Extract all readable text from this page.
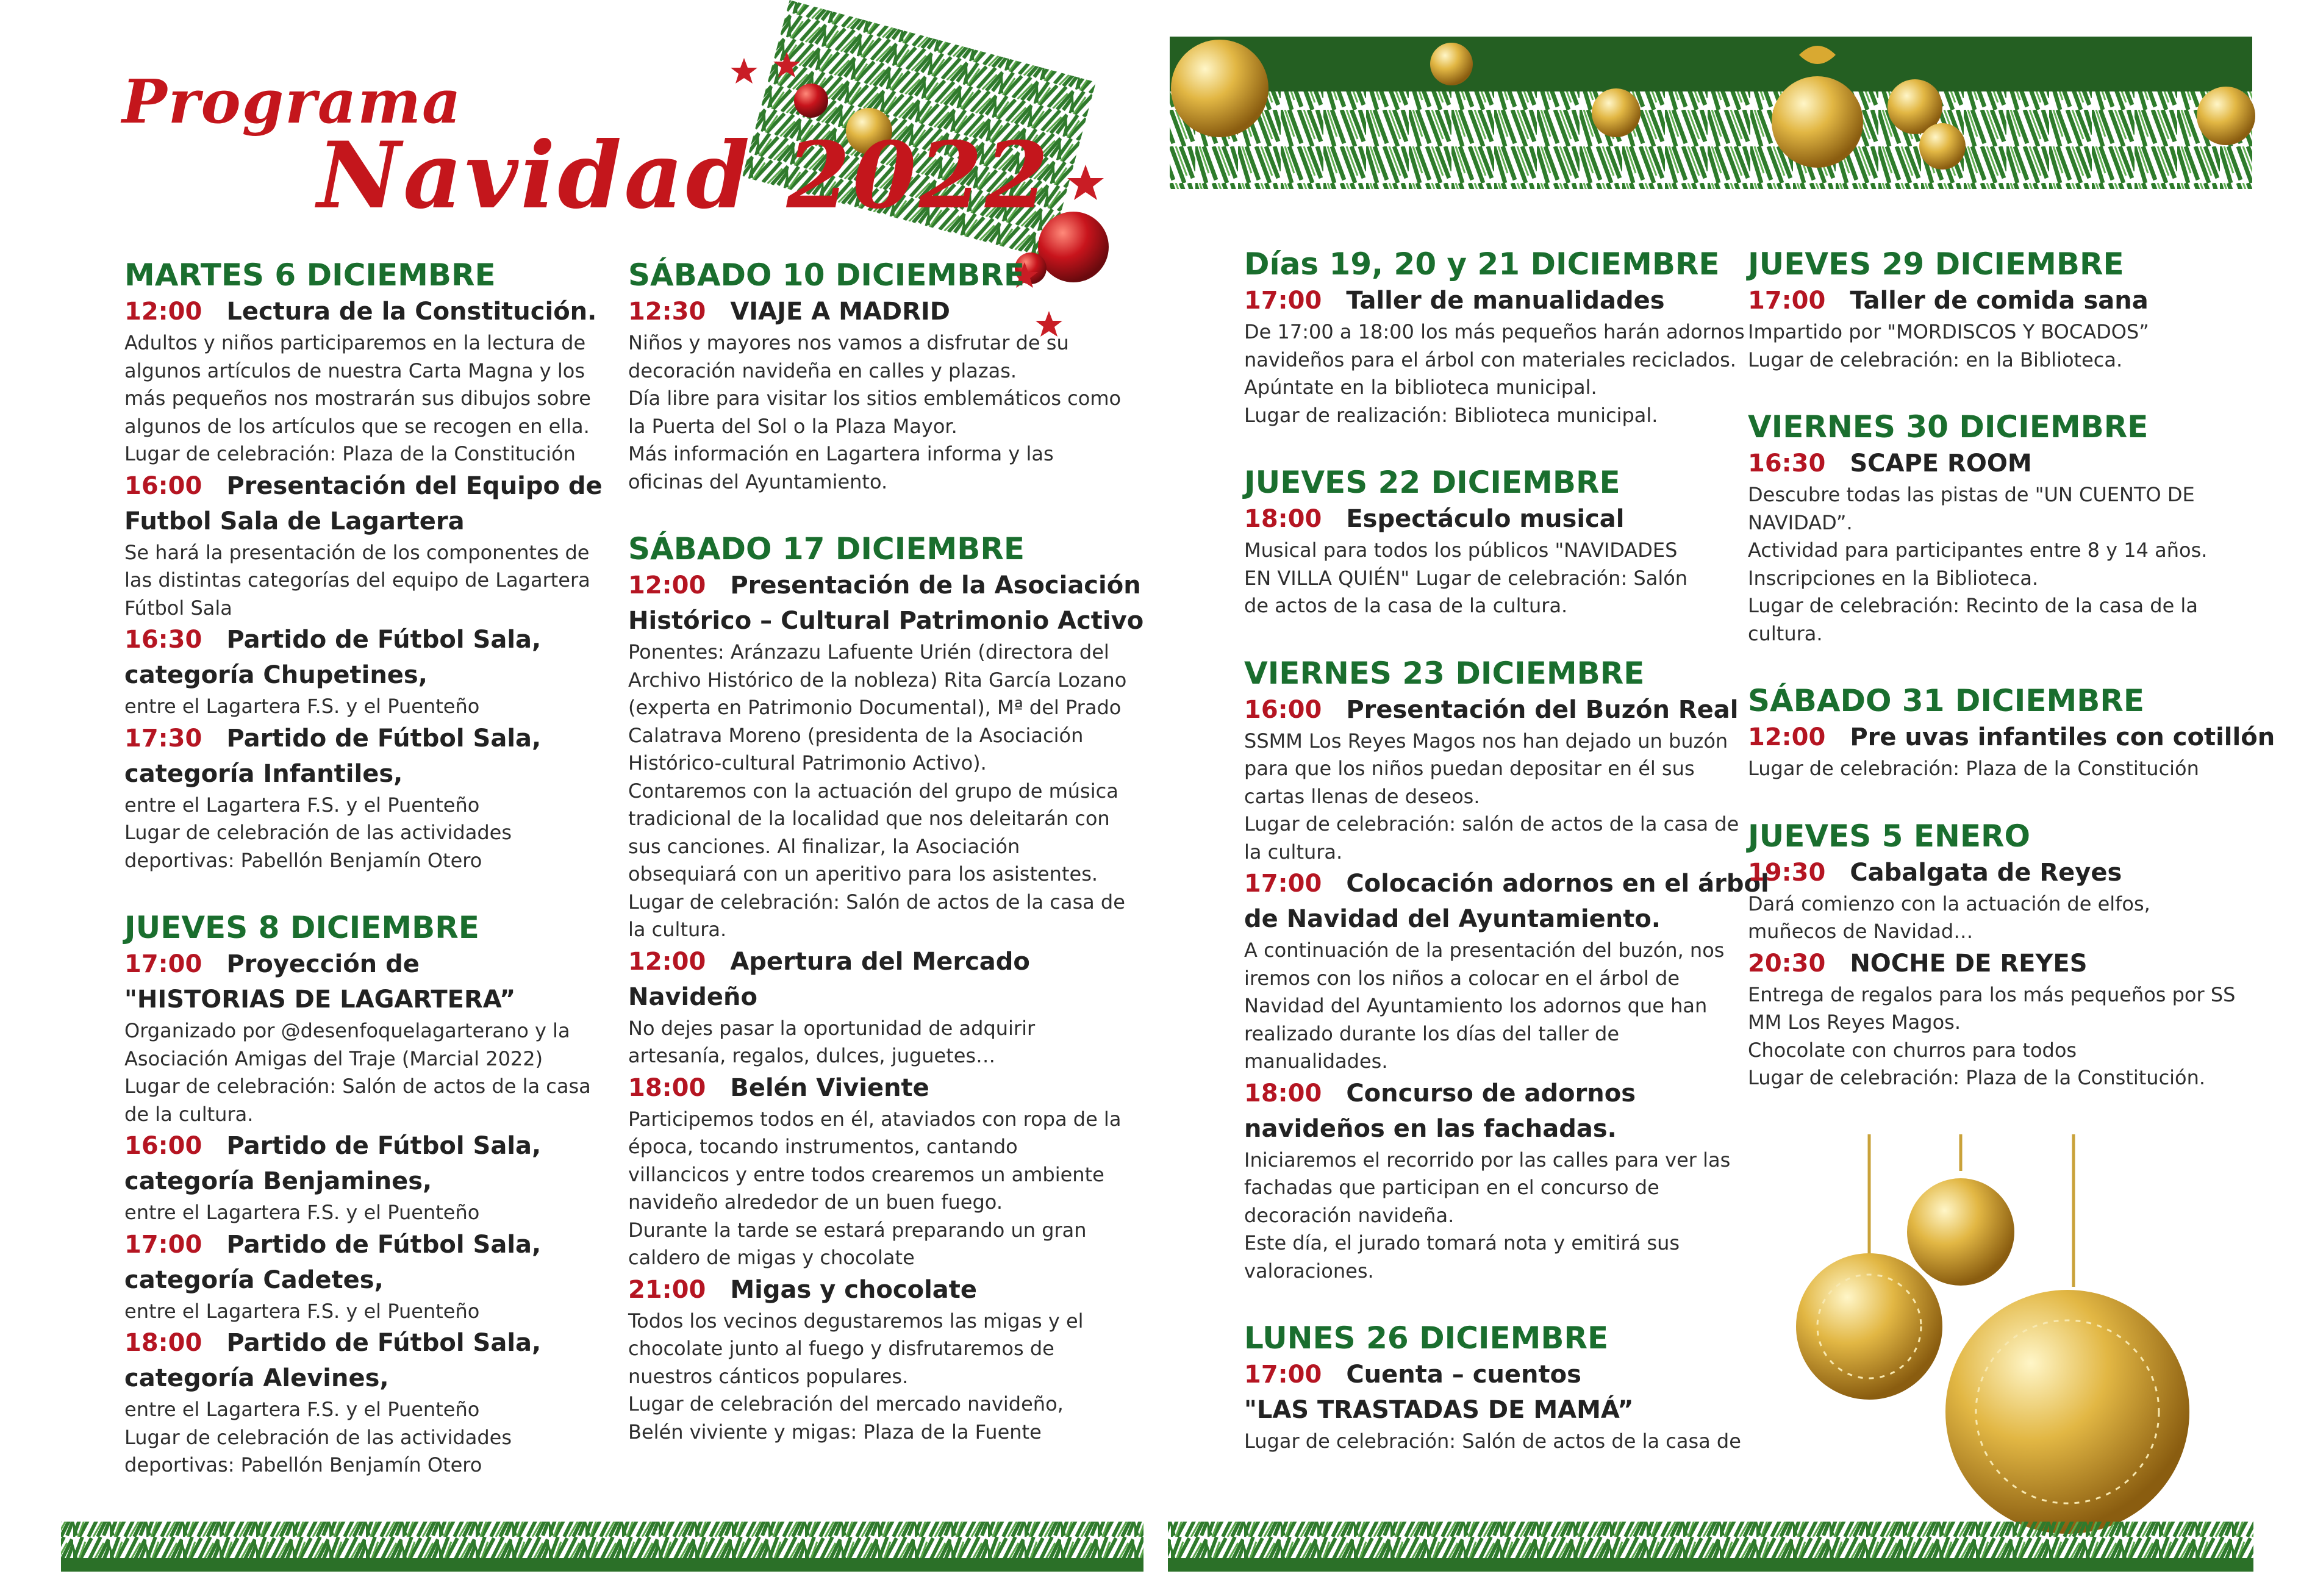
Programa
Navidad 2022
MARTES 6 DICIEMBRE
12:00 Lectura de la Constitución.
Adultos y niños participaremos en la lectura de
algunos artículos de nuestra Carta Magna y los
más pequeños nos mostrarán sus dibujos sobre
algunos de los artículos que se recogen en ella.
Lugar de celebración: Plaza de la Constitución
16:00 Presentación del Equipo de
Futbol Sala de Lagartera
Se hará la presentación de los componentes de
las distintas categorías del equipo de Lagartera
Fútbol Sala
16:30 Partido de Fútbol Sala,
categoría Chupetines,
entre el Lagartera F.S. y el Puenteño
17:30 Partido de Fútbol Sala,
categoría Infantiles,
entre el Lagartera F.S. y el Puenteño
Lugar de celebración de las actividades
deportivas: Pabellón Benjamín Otero
JUEVES 8 DICIEMBRE
17:00 Proyección de
"HISTORIAS DE LAGARTERA”
Organizado por @desenfoquelagarterano y la
Asociación Amigas del Traje (Marcial 2022)
Lugar de celebración: Salón de actos de la casa
de la cultura.
16:00 Partido de Fútbol Sala,
categoría Benjamines,
entre el Lagartera F.S. y el Puenteño
17:00 Partido de Fútbol Sala,
categoría Cadetes,
entre el Lagartera F.S. y el Puenteño
18:00 Partido de Fútbol Sala,
categoría Alevines,
entre el Lagartera F.S. y el Puenteño
Lugar de celebración de las actividades
deportivas: Pabellón Benjamín Otero
SÁBADO 10 DICIEMBRE
12:30 VIAJE A MADRID
Niños y mayores nos vamos a disfrutar de su
decoración navideña en calles y plazas.
Día libre para visitar los sitios emblemáticos como
la Puerta del Sol o la Plaza Mayor.
Más información en Lagartera informa y las
oficinas del Ayuntamiento.
SÁBADO 17 DICIEMBRE
12:00 Presentación de la Asociación
Histórico – Cultural Patrimonio Activo
Ponentes: Aránzazu Lafuente Urién (directora del
Archivo Histórico de la nobleza) Rita García Lozano
(experta en Patrimonio Documental), Mª del Prado
Calatrava Moreno (presidenta de la Asociación
Histórico-cultural Patrimonio Activo).
Contaremos con la actuación del grupo de música
tradicional de la localidad que nos deleitarán con
sus canciones. Al finalizar, la Asociación
obsequiará con un aperitivo para los asistentes.
Lugar de celebración: Salón de actos de la casa de
la cultura.
12:00 Apertura del Mercado
Navideño
No dejes pasar la oportunidad de adquirir
artesanía, regalos, dulces, juguetes…
18:00 Belén Viviente
Participemos todos en él, ataviados con ropa de la
época, tocando instrumentos, cantando
villancicos y entre todos crearemos un ambiente
navideño alrededor de un buen fuego.
Durante la tarde se estará preparando un gran
caldero de migas y chocolate
21:00 Migas y chocolate
Todos los vecinos degustaremos las migas y el
chocolate junto al fuego y disfrutaremos de
nuestros cánticos populares.
Lugar de celebración del mercado navideño,
Belén viviente y migas: Plaza de la Fuente
Días 19, 20 y 21 DICIEMBRE
17:00 Taller de manualidades
De 17:00 a 18:00 los más pequeños harán adornos
navideños para el árbol con materiales reciclados.
Apúntate en la biblioteca municipal.
Lugar de realización: Biblioteca municipal.
JUEVES 22 DICIEMBRE
18:00 Espectáculo musical
Musical para todos los públicos "NAVIDADES
EN VILLA QUIÉN" Lugar de celebración: Salón
de actos de la casa de la cultura.
VIERNES 23 DICIEMBRE
16:00 Presentación del Buzón Real
SSMM Los Reyes Magos nos han dejado un buzón
para que los niños puedan depositar en él sus
cartas llenas de deseos.
Lugar de celebración: salón de actos de la casa de
la cultura.
17:00 Colocación adornos en el árbol
de Navidad del Ayuntamiento.
A continuación de la presentación del buzón, nos
iremos con los niños a colocar en el árbol de
Navidad del Ayuntamiento los adornos que han
realizado durante los días del taller de
manualidades.
18:00 Concurso de adornos
navideños en las fachadas.
Iniciaremos el recorrido por las calles para ver las
fachadas que participan en el concurso de
decoración navideña.
Este día, el jurado tomará nota y emitirá sus
valoraciones.
LUNES 26 DICIEMBRE
17:00 Cuenta – cuentos
"LAS TRASTADAS DE MAMÁ”
Lugar de celebración: Salón de actos de la casa de
JUEVES 29 DICIEMBRE
17:00 Taller de comida sana
Impartido por "MORDISCOS Y BOCADOS”
Lugar de celebración: en la Biblioteca.
VIERNES 30 DICIEMBRE
16:30 SCAPE ROOM
Descubre todas las pistas de "UN CUENTO DE
NAVIDAD”.
Actividad para participantes entre 8 y 14 años.
Inscripciones en la Biblioteca.
Lugar de celebración: Recinto de la casa de la
cultura.
SÁBADO 31 DICIEMBRE
12:00 Pre uvas infantiles con cotillón
Lugar de celebración: Plaza de la Constitución
JUEVES 5 ENERO
19:30 Cabalgata de Reyes
Dará comienzo con la actuación de elfos,
muñecos de Navidad…
20:30 NOCHE DE REYES
Entrega de regalos para los más pequeños por SS
MM Los Reyes Magos.
Chocolate con churros para todos
Lugar de celebración: Plaza de la Constitución.
